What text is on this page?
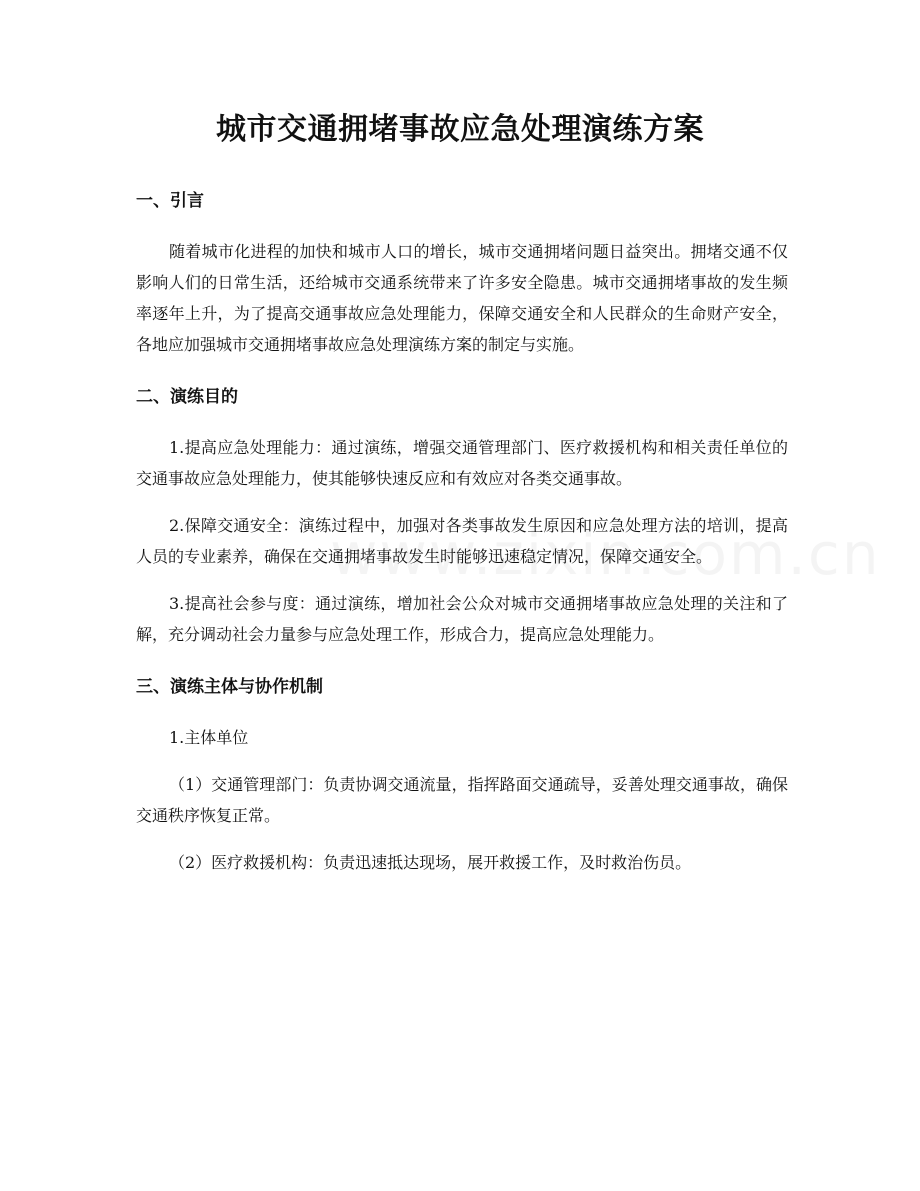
城市交通拥堵事故应急处理演练方案
一、引言

随着城市化进程的加快和城市人口的增长，城市交通拥堵问题日益突出。拥堵交通不仅影响人们的日常生活，还给城市交通系统带来了许多安全隐患。城市交通拥堵事故的发生频率逐年上升，为了提高交通事故应急处理能力，保障交通安全和人民群众的生命财产安全，各地应加强城市交通拥堵事故应急处理演练方案的制定与实施。

二、演练目的

1.提高应急处理能力：通过演练，增强交通管理部门、医疗救援机构和相关责任单位的交通事故应急处理能力，使其能够快速反应和有效应对各类交通事故。

2.保障交通安全：演练过程中，加强对各类事故发生原因和应急处理方法的培训，提高人员的专业素养，确保在交通拥堵事故发生时能够迅速稳定情况，保障交通安全。

3.提高社会参与度：通过演练，增加社会公众对城市交通拥堵事故应急处理的关注和了解，充分调动社会力量参与应急处理工作，形成合力，提高应急处理能力。

三、演练主体与协作机制

1.主体单位

（1）交通管理部门：负责协调交通流量，指挥路面交通疏导，妥善处理交通事故，确保交通秩序恢复正常。

（2）医疗救援机构：负责迅速抵达现场，展开救援工作，及时救治伤员。
